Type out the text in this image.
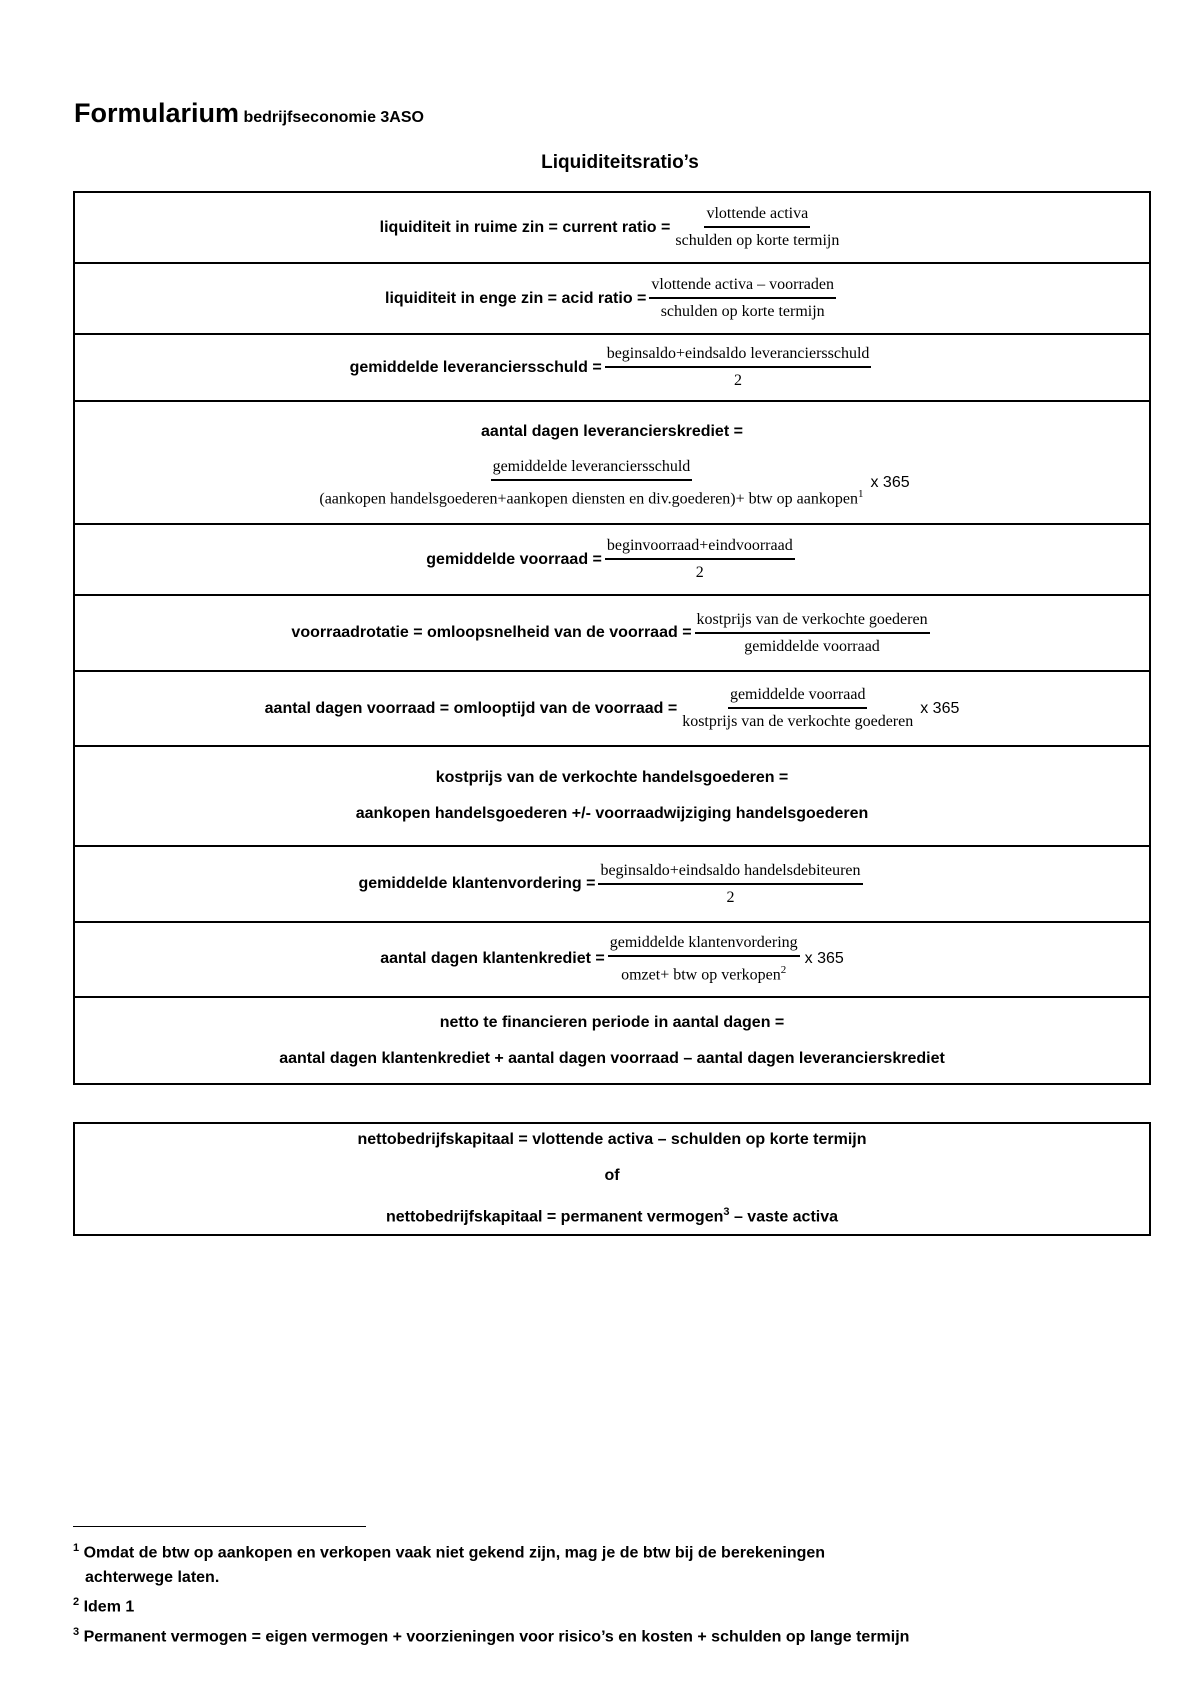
Formularium bedrijfseconomie 3ASO
Liquiditeitsratio’s
liquiditeit in ruime zin = current ratio = $\frac{\text{vlottende activa}}{\text{schulden op korte termijn}}$
liquiditeit in enge zin = acid ratio = $\frac{\text{vlottende activa – voorraden}}{\text{schulden op korte termijn}}$
gemiddelde leveranciersschuld = $\frac{\text{beginsaldo+eindsaldo leveranciersschuld}}{2}$
aantal dagen leverancierskrediet =
gemiddelde leveranciersschuld
(aankopen handelsgoederen+aankopen diensten en div.goederen)+ btw op aankopen$^1$
x 365
gemiddelde voorraad = $\frac{\text{beginvoorraad+eindvoorraad}}{2}$
voorraadrotatie = omloopsnelheid van de voorraad = $\frac{\text{kostprijs van de verkochte goederen}}{\text{gemiddelde voorraad}}$
aantal dagen voorraad = omlooptijd van de voorraad = $\frac{\text{gemiddelde voorraad}}{\text{kostprijs van de verkochte goederen}}$ x 365
kostprijs van de verkochte handelsgoederen =
aankopen handelsgoederen +/- voorraadwijziging handelsgoederen
gemiddelde klantenvordering = $\frac{\text{beginsaldo+eindsaldo handelsdebiteuren}}{2}$
aantal dagen klantenkrediet = $\frac{\text{gemiddelde klantenvordering}}{omzet+ btw op verkopen^2}$ x 365
netto te financieren periode in aantal dagen =
aantal dagen klantenkrediet + aantal dagen voorraad – aantal dagen leverancierskrediet
nettobedrijfskapitaal = vlottende activa – schulden op korte termijn
of
nettobedrijfskapitaal = permanent vermogen$^3$ – vaste activa
$^1$ Omdat de btw op aankopen en verkopen vaak niet gekend zijn, mag je de btw bij de berekeningen
achterwege laten.
$^2$ Idem 1
$^3$ Permanent vermogen = eigen vermogen + voorzieningen voor risico’s en kosten + schulden op lange termijn
